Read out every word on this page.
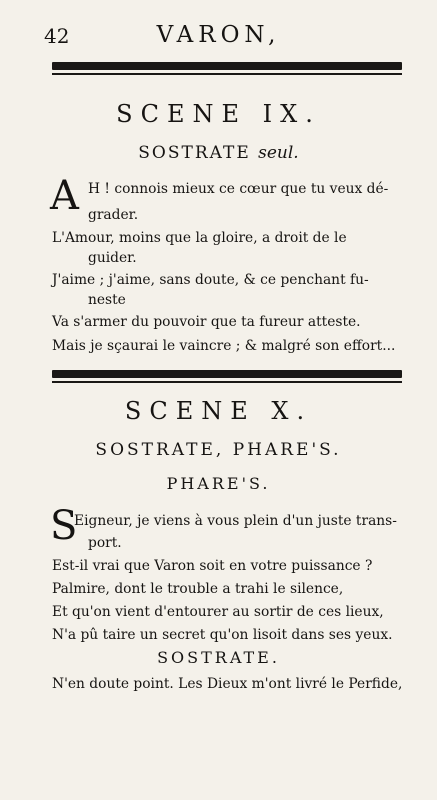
42	VARON,
SCENE IX.
SOSTRATE seul.
A H ! connois mieux ce cœur que tu veux dé-
grader.
L'Amour, moins que la gloire, a droit de le
guider.
J'aime ; j'aime, sans doute, & ce penchant fu-
neste
Va s'armer du pouvoir que ta fureur atteste.
Mais je sçaurai le vaincre ; & malgré son effort...
SCENE X.
SOSTRATE, PHARE'S.
PHARE'S.
S
Eigneur, je viens à vous plein d'un juste trans-
port.
Est-il vrai que Varon soit en votre puissance ?
Palmire, dont le trouble a trahi le silence,
Et qu'on vient d'entourer au sortir de ces lieux,
N'a pû taire un secret qu'on lisoit dans ses yeux.
SOSTRATE.
N'en doute point. Les Dieux m'ont livré le Perfide,
